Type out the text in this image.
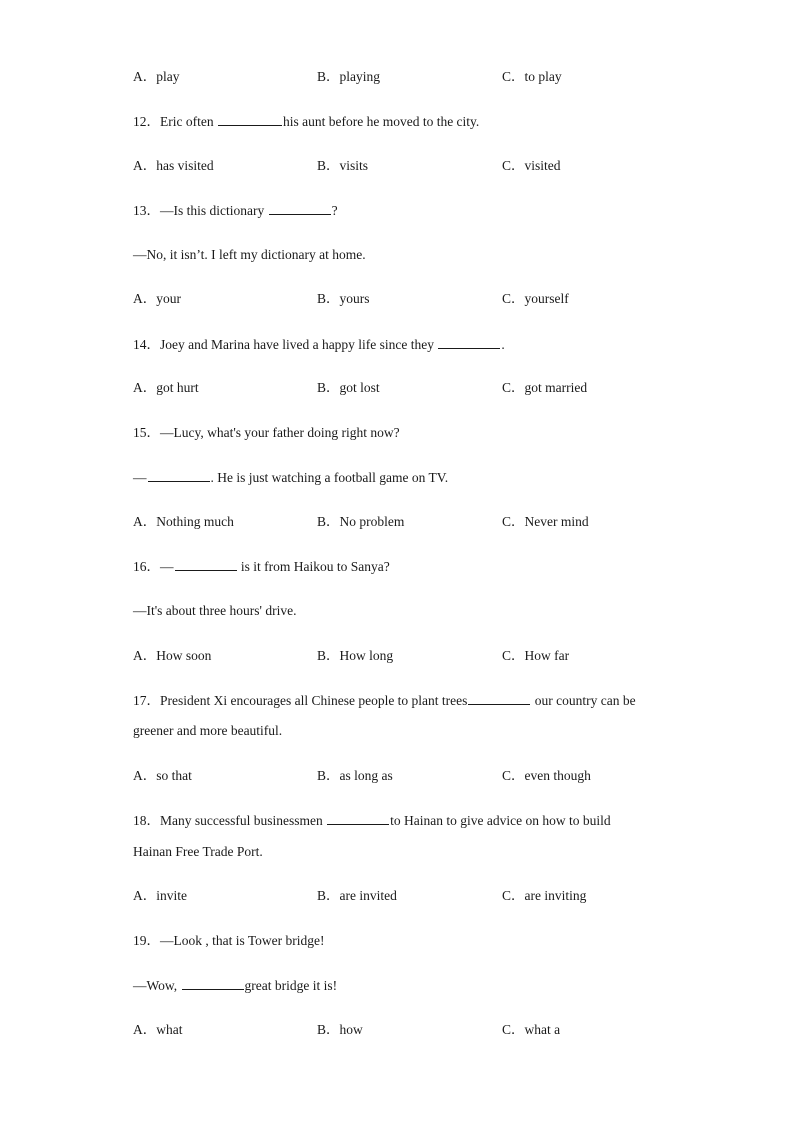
A．play	B．playing	C．to play
12．Eric often	his aunt before he moved to the city.
A．has visited	B．visits	C．visited
13．—Is this dictionary	?
—No, it isn’t. I left my dictionary at home.
A．your	B．yours	C．yourself
14．Joey and Marina have lived a happy life since they	.
A．got hurt	B．got lost	C．got married
15．—Lucy, what's your father doing right now?
—	. He is just watching a football game on TV.
A．Nothing much	B．No problem	C．Never mind
16．—	is it from Haikou to Sanya?
—It's about three hours' drive.
A．How soon	B．How long	C．How far
17．President Xi encourages all Chinese people to plant trees	our country can be
greener and more beautiful.
A．so that	B．as long as	C．even though
18．Many successful businessmen	to Hainan to give advice on how to build
Hainan Free Trade Port.
A．invite	B．are invited	C．are inviting
19．—Look , that is Tower bridge!
—Wow,	great bridge it is!
A．what	B．how	C．what a
